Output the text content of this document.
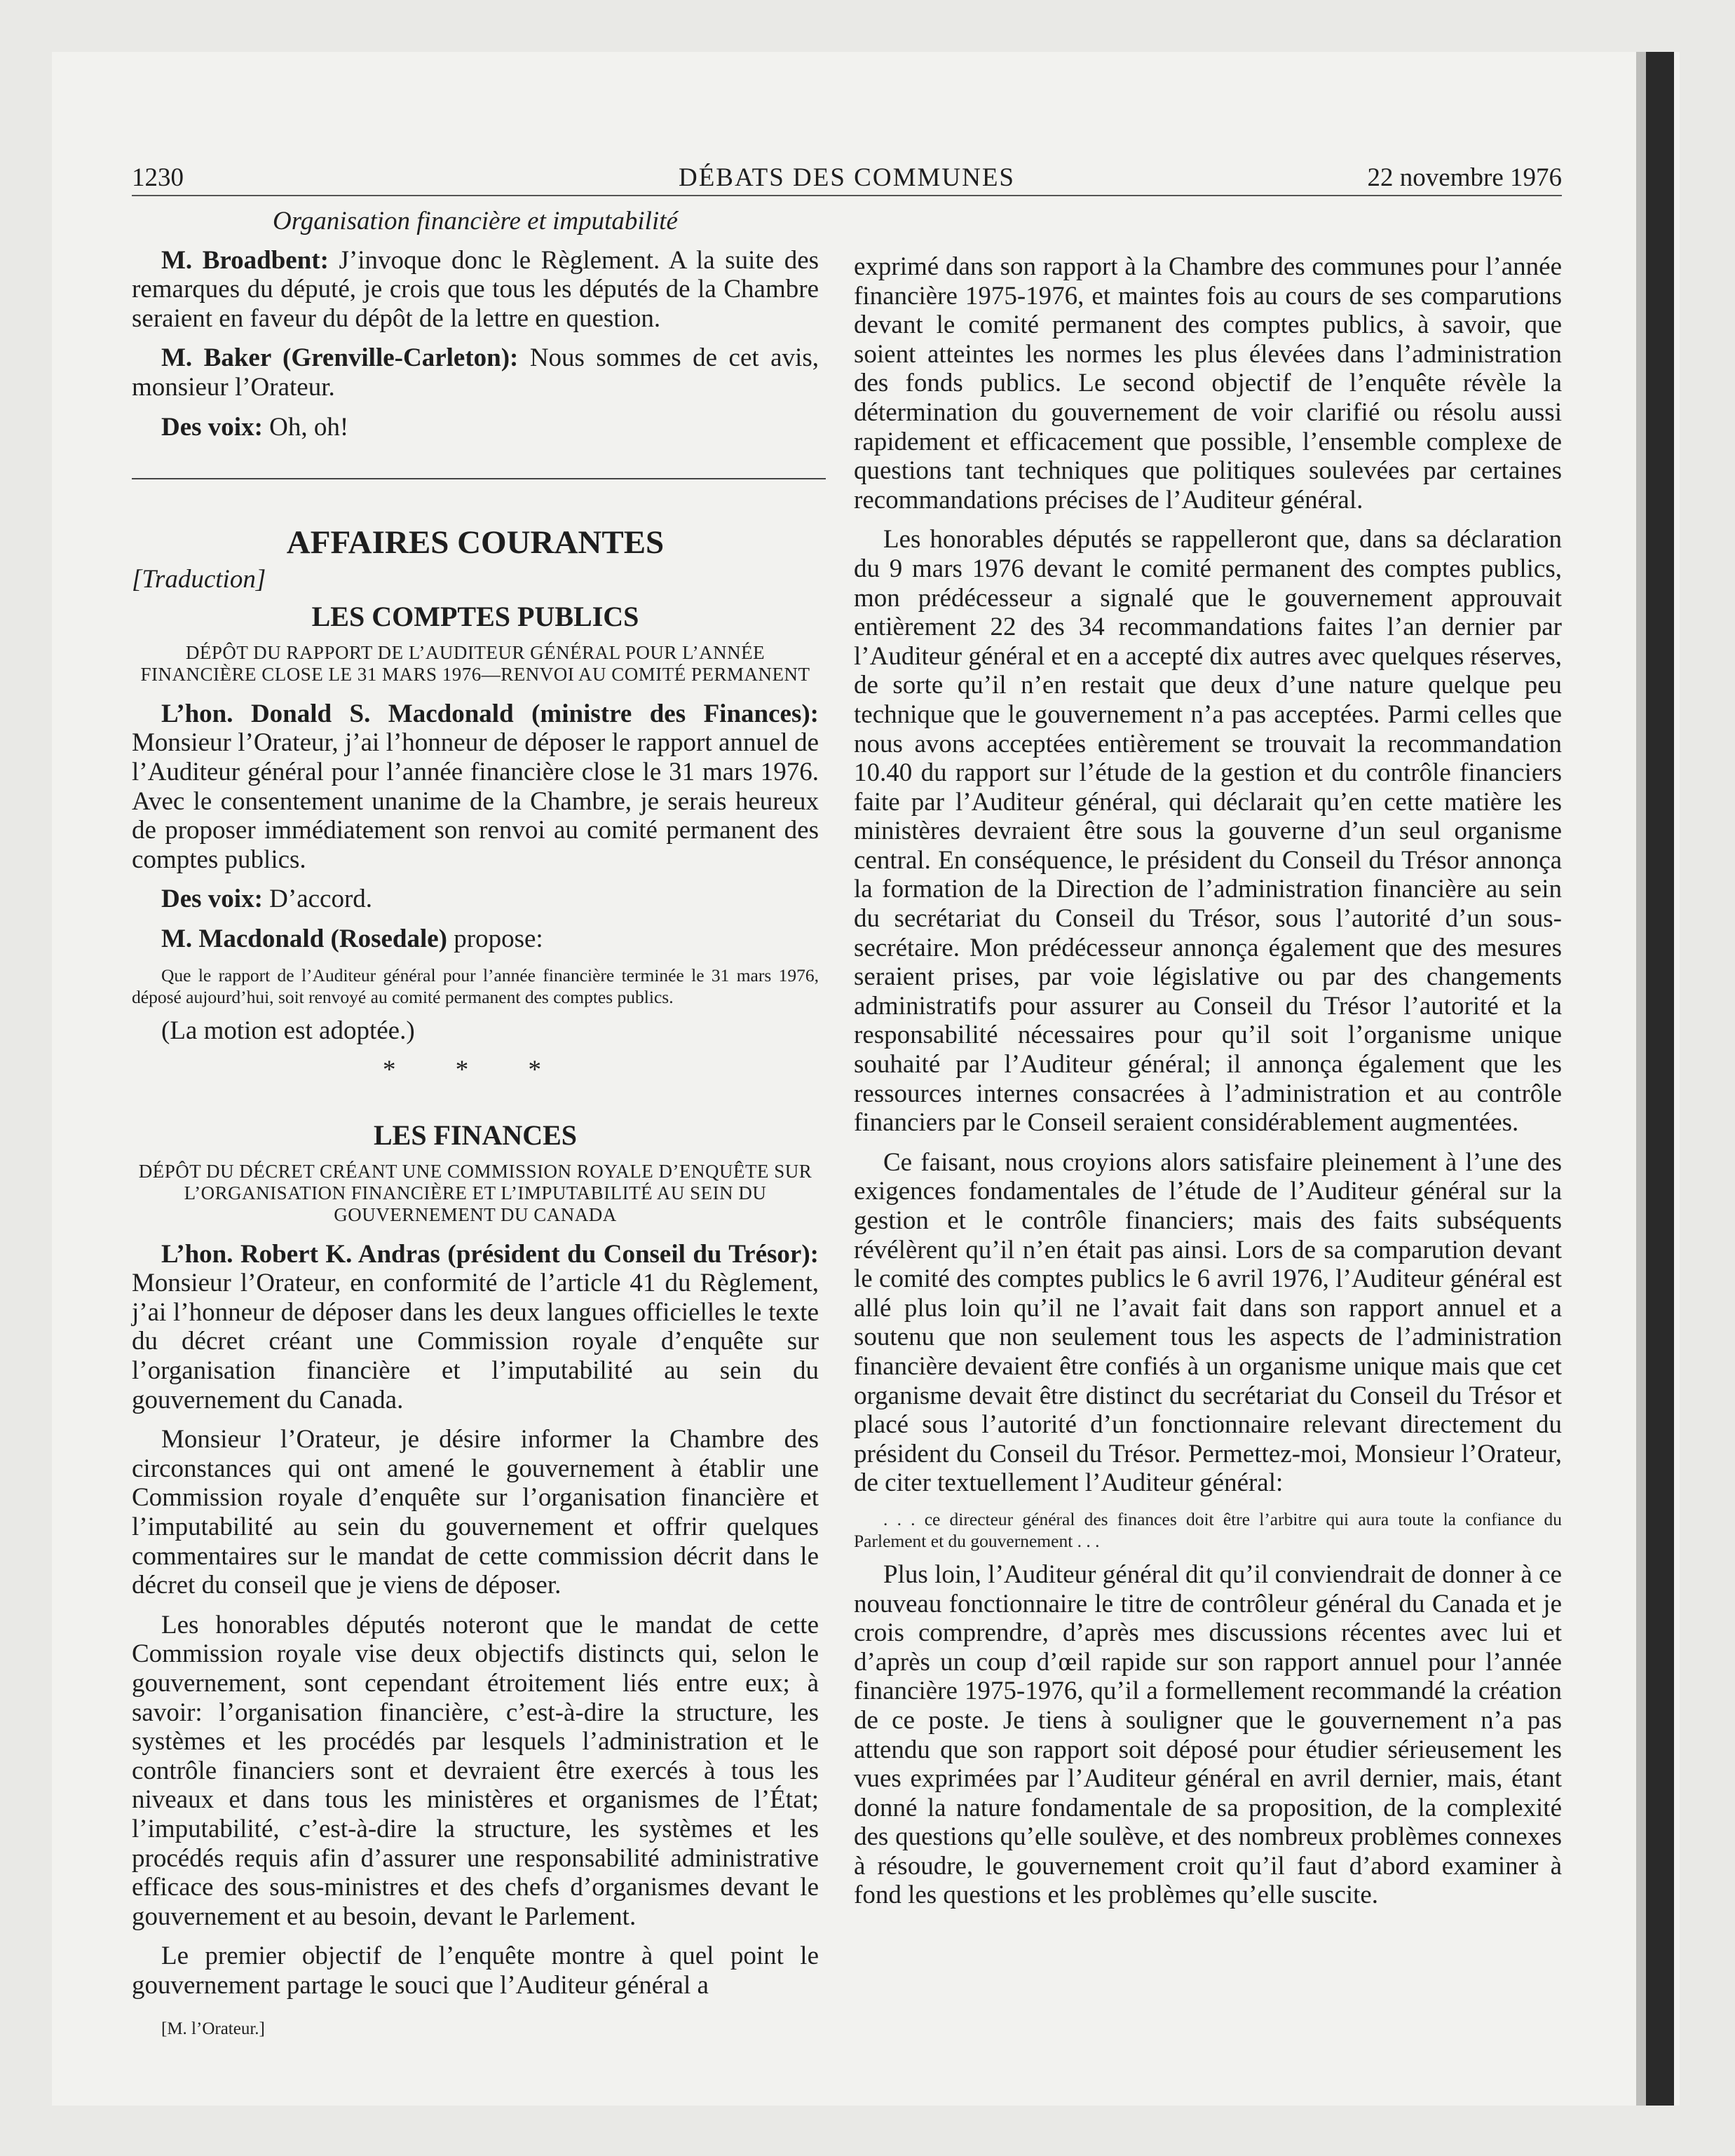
1230	DÉBATS DES COMMUNES	22 novembre 1976
Organisation financière et imputabilité

M. Broadbent: J’invoque donc le Règlement. A la suite des remarques du député, je crois que tous les députés de la Chambre seraient en faveur du dépôt de la lettre en question.

M. Baker (Grenville-Carleton): Nous sommes de cet avis, monsieur l’Orateur.

Des voix: Oh, oh!

AFFAIRES COURANTES
[Traduction]
LES COMPTES PUBLICS
DÉPÔT DU RAPPORT DE L’AUDITEUR GÉNÉRAL POUR L’ANNÉE FINANCIÈRE CLOSE LE 31 MARS 1976—RENVOI AU COMITÉ PERMANENT

L’hon. Donald S. Macdonald (ministre des Finances): Monsieur l’Orateur, j’ai l’honneur de déposer le rapport annuel de l’Auditeur général pour l’année financière close le 31 mars 1976. Avec le consentement unanime de la Chambre, je serais heureux de proposer immédiatement son renvoi au comité permanent des comptes publics.

Des voix: D’accord.

M. Macdonald (Rosedale) propose:

Que le rapport de l’Auditeur général pour l’année financière terminée le 31 mars 1976, déposé aujourd’hui, soit renvoyé au comité permanent des comptes publics.

(La motion est adoptée.)

* * *
LES FINANCES
DÉPÔT DU DÉCRET CRÉANT UNE COMMISSION ROYALE D’ENQUÊTE SUR L’ORGANISATION FINANCIÈRE ET L’IMPUTABILITÉ AU SEIN DU GOUVERNEMENT DU CANADA

L’hon. Robert K. Andras (président du Conseil du Trésor): Monsieur l’Orateur, en conformité de l’article 41 du Règlement, j’ai l’honneur de déposer dans les deux langues officielles le texte du décret créant une Commission royale d’enquête sur l’organisation financière et l’imputabilité au sein du gouvernement du Canada.

Monsieur l’Orateur, je désire informer la Chambre des circonstances qui ont amené le gouvernement à établir une Commission royale d’enquête sur l’organisation financière et l’imputabilité au sein du gouvernement et offrir quelques commentaires sur le mandat de cette commission décrit dans le décret du conseil que je viens de déposer.

Les honorables députés noteront que le mandat de cette Commission royale vise deux objectifs distincts qui, selon le gouvernement, sont cependant étroitement liés entre eux; à savoir: l’organisation financière, c’est-à-dire la structure, les systèmes et les procédés par lesquels l’administration et le contrôle financiers sont et devraient être exercés à tous les niveaux et dans tous les ministères et organismes de l’État; l’imputabilité, c’est-à-dire la structure, les systèmes et les procédés requis afin d’assurer une responsabilité administrative efficace des sous-ministres et des chefs d’organismes devant le gouvernement et au besoin, devant le Parlement.

Le premier objectif de l’enquête montre à quel point le gouvernement partage le souci que l’Auditeur général a

[M. l’Orateur.]

exprimé dans son rapport à la Chambre des communes pour l’année financière 1975-1976, et maintes fois au cours de ses comparutions devant le comité permanent des comptes publics, à savoir, que soient atteintes les normes les plus élevées dans l’administration des fonds publics. Le second objectif de l’enquête révèle la détermination du gouvernement de voir clarifié ou résolu aussi rapidement et efficacement que possible, l’ensemble complexe de questions tant techniques que politiques soulevées par certaines recommandations précises de l’Auditeur général.

Les honorables députés se rappelleront que, dans sa déclaration du 9 mars 1976 devant le comité permanent des comptes publics, mon prédécesseur a signalé que le gouvernement approuvait entièrement 22 des 34 recommandations faites l’an dernier par l’Auditeur général et en a accepté dix autres avec quelques réserves, de sorte qu’il n’en restait que deux d’une nature quelque peu technique que le gouvernement n’a pas acceptées. Parmi celles que nous avons acceptées entièrement se trouvait la recommandation 10.40 du rapport sur l’étude de la gestion et du contrôle financiers faite par l’Auditeur général, qui déclarait qu’en cette matière les ministères devraient être sous la gouverne d’un seul organisme central. En conséquence, le président du Conseil du Trésor annonça la formation de la Direction de l’administration financière au sein du secrétariat du Conseil du Trésor, sous l’autorité d’un sous-secrétaire. Mon prédécesseur annonça également que des mesures seraient prises, par voie législative ou par des changements administratifs pour assurer au Conseil du Trésor l’autorité et la responsabilité nécessaires pour qu’il soit l’organisme unique souhaité par l’Auditeur général; il annonça également que les ressources internes consacrées à l’administration et au contrôle financiers par le Conseil seraient considérablement augmentées.

Ce faisant, nous croyions alors satisfaire pleinement à l’une des exigences fondamentales de l’étude de l’Auditeur général sur la gestion et le contrôle financiers; mais des faits subséquents révélèrent qu’il n’en était pas ainsi. Lors de sa comparution devant le comité des comptes publics le 6 avril 1976, l’Auditeur général est allé plus loin qu’il ne l’avait fait dans son rapport annuel et a soutenu que non seulement tous les aspects de l’administration financière devaient être confiés à un organisme unique mais que cet organisme devait être distinct du secrétariat du Conseil du Trésor et placé sous l’autorité d’un fonctionnaire relevant directement du président du Conseil du Trésor. Permettez-moi, Monsieur l’Orateur, de citer textuellement l’Auditeur général:

. . . ce directeur général des finances doit être l’arbitre qui aura toute la confiance du Parlement et du gouvernement . . .

Plus loin, l’Auditeur général dit qu’il conviendrait de donner à ce nouveau fonctionnaire le titre de contrôleur général du Canada et je crois comprendre, d’après mes discussions récentes avec lui et d’après un coup d’œil rapide sur son rapport annuel pour l’année financière 1975-1976, qu’il a formellement recommandé la création de ce poste. Je tiens à souligner que le gouvernement n’a pas attendu que son rapport soit déposé pour étudier sérieusement les vues exprimées par l’Auditeur général en avril dernier, mais, étant donné la nature fondamentale de sa proposition, de la complexité des questions qu’elle soulève, et des nombreux problèmes connexes à résoudre, le gouvernement croit qu’il faut d’abord examiner à fond les questions et les problèmes qu’elle suscite.
